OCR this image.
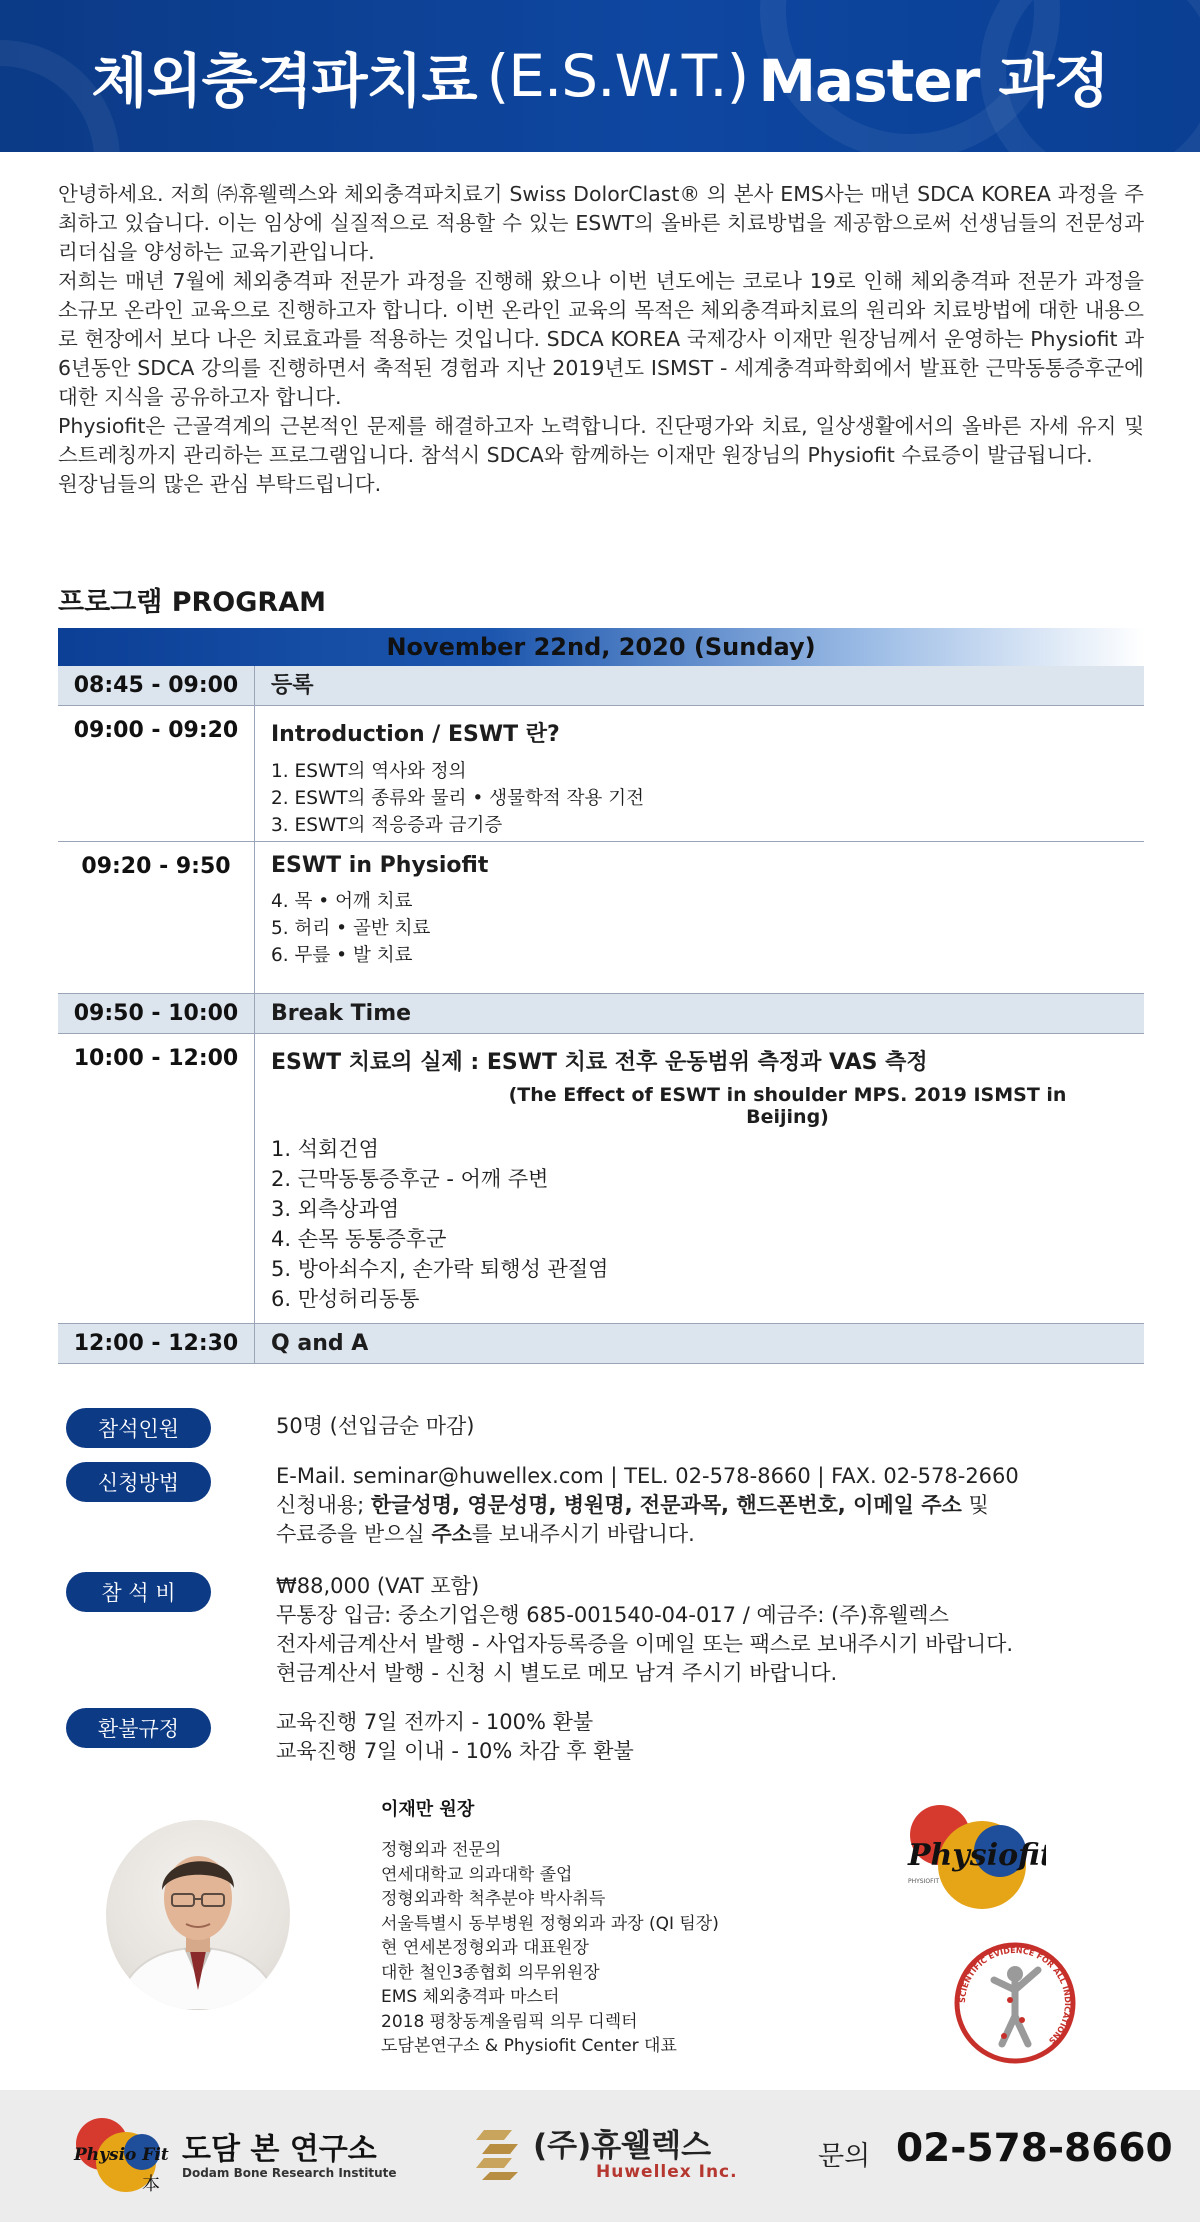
체외충격파치료 (E.S.W.T.) Master 과정

안녕하세요. 저희 ㈜휴웰렉스와 체외충격파치료기 Swiss DolorClast® 의 본사 EMS사는 매년 SDCA KOREA 과정을 주최하고 있습니다. 이는 임상에 실질적으로 적용할 수 있는 ESWT의 올바른 치료방법을 제공함으로써 선생님들의 전문성과 리더십을 양성하는 교육기관입니다.

저희는 매년 7월에 체외충격파 전문가 과정을 진행해 왔으나 이번 년도에는 코로나 19로 인해 체외충격파 전문가 과정을 소규모 온라인 교육으로 진행하고자 합니다. 이번 온라인 교육의 목적은 체외충격파치료의 원리와 치료방법에 대한 내용으로 현장에서 보다 나은 치료효과를 적용하는 것입니다. SDCA KOREA 국제강사 이재만 원장님께서 운영하는 Physiofit 과 6년동안 SDCA 강의를 진행하면서 축적된 경험과 지난 2019년도 ISMST - 세계충격파학회에서 발표한 근막동통증후군에 대한 지식을 공유하고자 합니다.

Physiofit은 근골격계의 근본적인 문제를 해결하고자 노력합니다. 진단평가와 치료, 일상생활에서의 올바른 자세 유지 및 스트레칭까지 관리하는 프로그램입니다. 참석시 SDCA와 함께하는 이재만 원장님의 Physiofit 수료증이 발급됩니다.

원장님들의 많은 관심 부탁드립니다.

프로그램 PROGRAM
November 22nd, 2020 (Sunday)
08:45 - 09:00	등록
09:00 - 09:20	Introduction / ESWT 란?
1. ESWT의 역사와 정의
2. ESWT의 종류와 물리 • 생물학적 작용 기전
3. ESWT의 적응증과 금기증
09:20 - 9:50	ESWT in Physiofit
4. 목 • 어깨 치료
5. 허리 • 골반 치료
6. 무릎 • 발 치료
09:50 - 10:00	Break Time
10:00 - 12:00	ESWT 치료의 실제 : ESWT 치료 전후 운동범위 측정과 VAS 측정
(The Effect of ESWT in shoulder MPS. 2019 ISMST in Beijing)
1. 석회건염
2. 근막동통증후군 - 어깨 주변
3. 외측상과염
4. 손목 동통증후군
5. 방아쇠수지, 손가락 퇴행성 관절염
6. 만성허리동통
12:00 - 12:30	Q and A
참석인원	50명 (선입금순 마감)
신청방법	E-Mail. seminar@huwellex.com | TEL. 02-578-8660 | FAX. 02-578-2660
신청내용; 한글성명, 영문성명, 병원명, 전문과목, 핸드폰번호, 이메일 주소 및
수료증을 받으실 주소를 보내주시기 바랍니다.
참 석 비	₩88,000 (VAT 포함)
무통장 입금: 중소기업은행 685-001540-04-017 / 예금주: (주)휴웰렉스
전자세금계산서 발행 - 사업자등록증을 이메일 또는 팩스로 보내주시기 바랍니다.
현금계산서 발행 - 신청 시 별도로 메모 남겨 주시기 바랍니다.
환불규정	교육진행 7일 전까지 - 100% 환불
교육진행 7일 이내 - 10% 차감 후 환불
이재만 원장
정형외과 전문의
연세대학교 의과대학 졸업
정형외과학 척추분야 박사취득
서울특별시 동부병원 정형외과 과장 (QI 팀장)
현 연세본정형외과 대표원장
대한 철인3종협회 의무위원장
EMS 체외충격파 마스터
2018 평창동계올림픽 의무 디렉터
도담본연구소 & Physiofit Center 대표
Physiofit
PHYSIOFIT
SCIENTIFIC EVIDENCE FOR ALL INDICATIONS
Physio Fit
本
도담 본 연구소
Dodam Bone Research Institute
(주)휴웰렉스
Huwellex Inc.	문의 02-578-8660
